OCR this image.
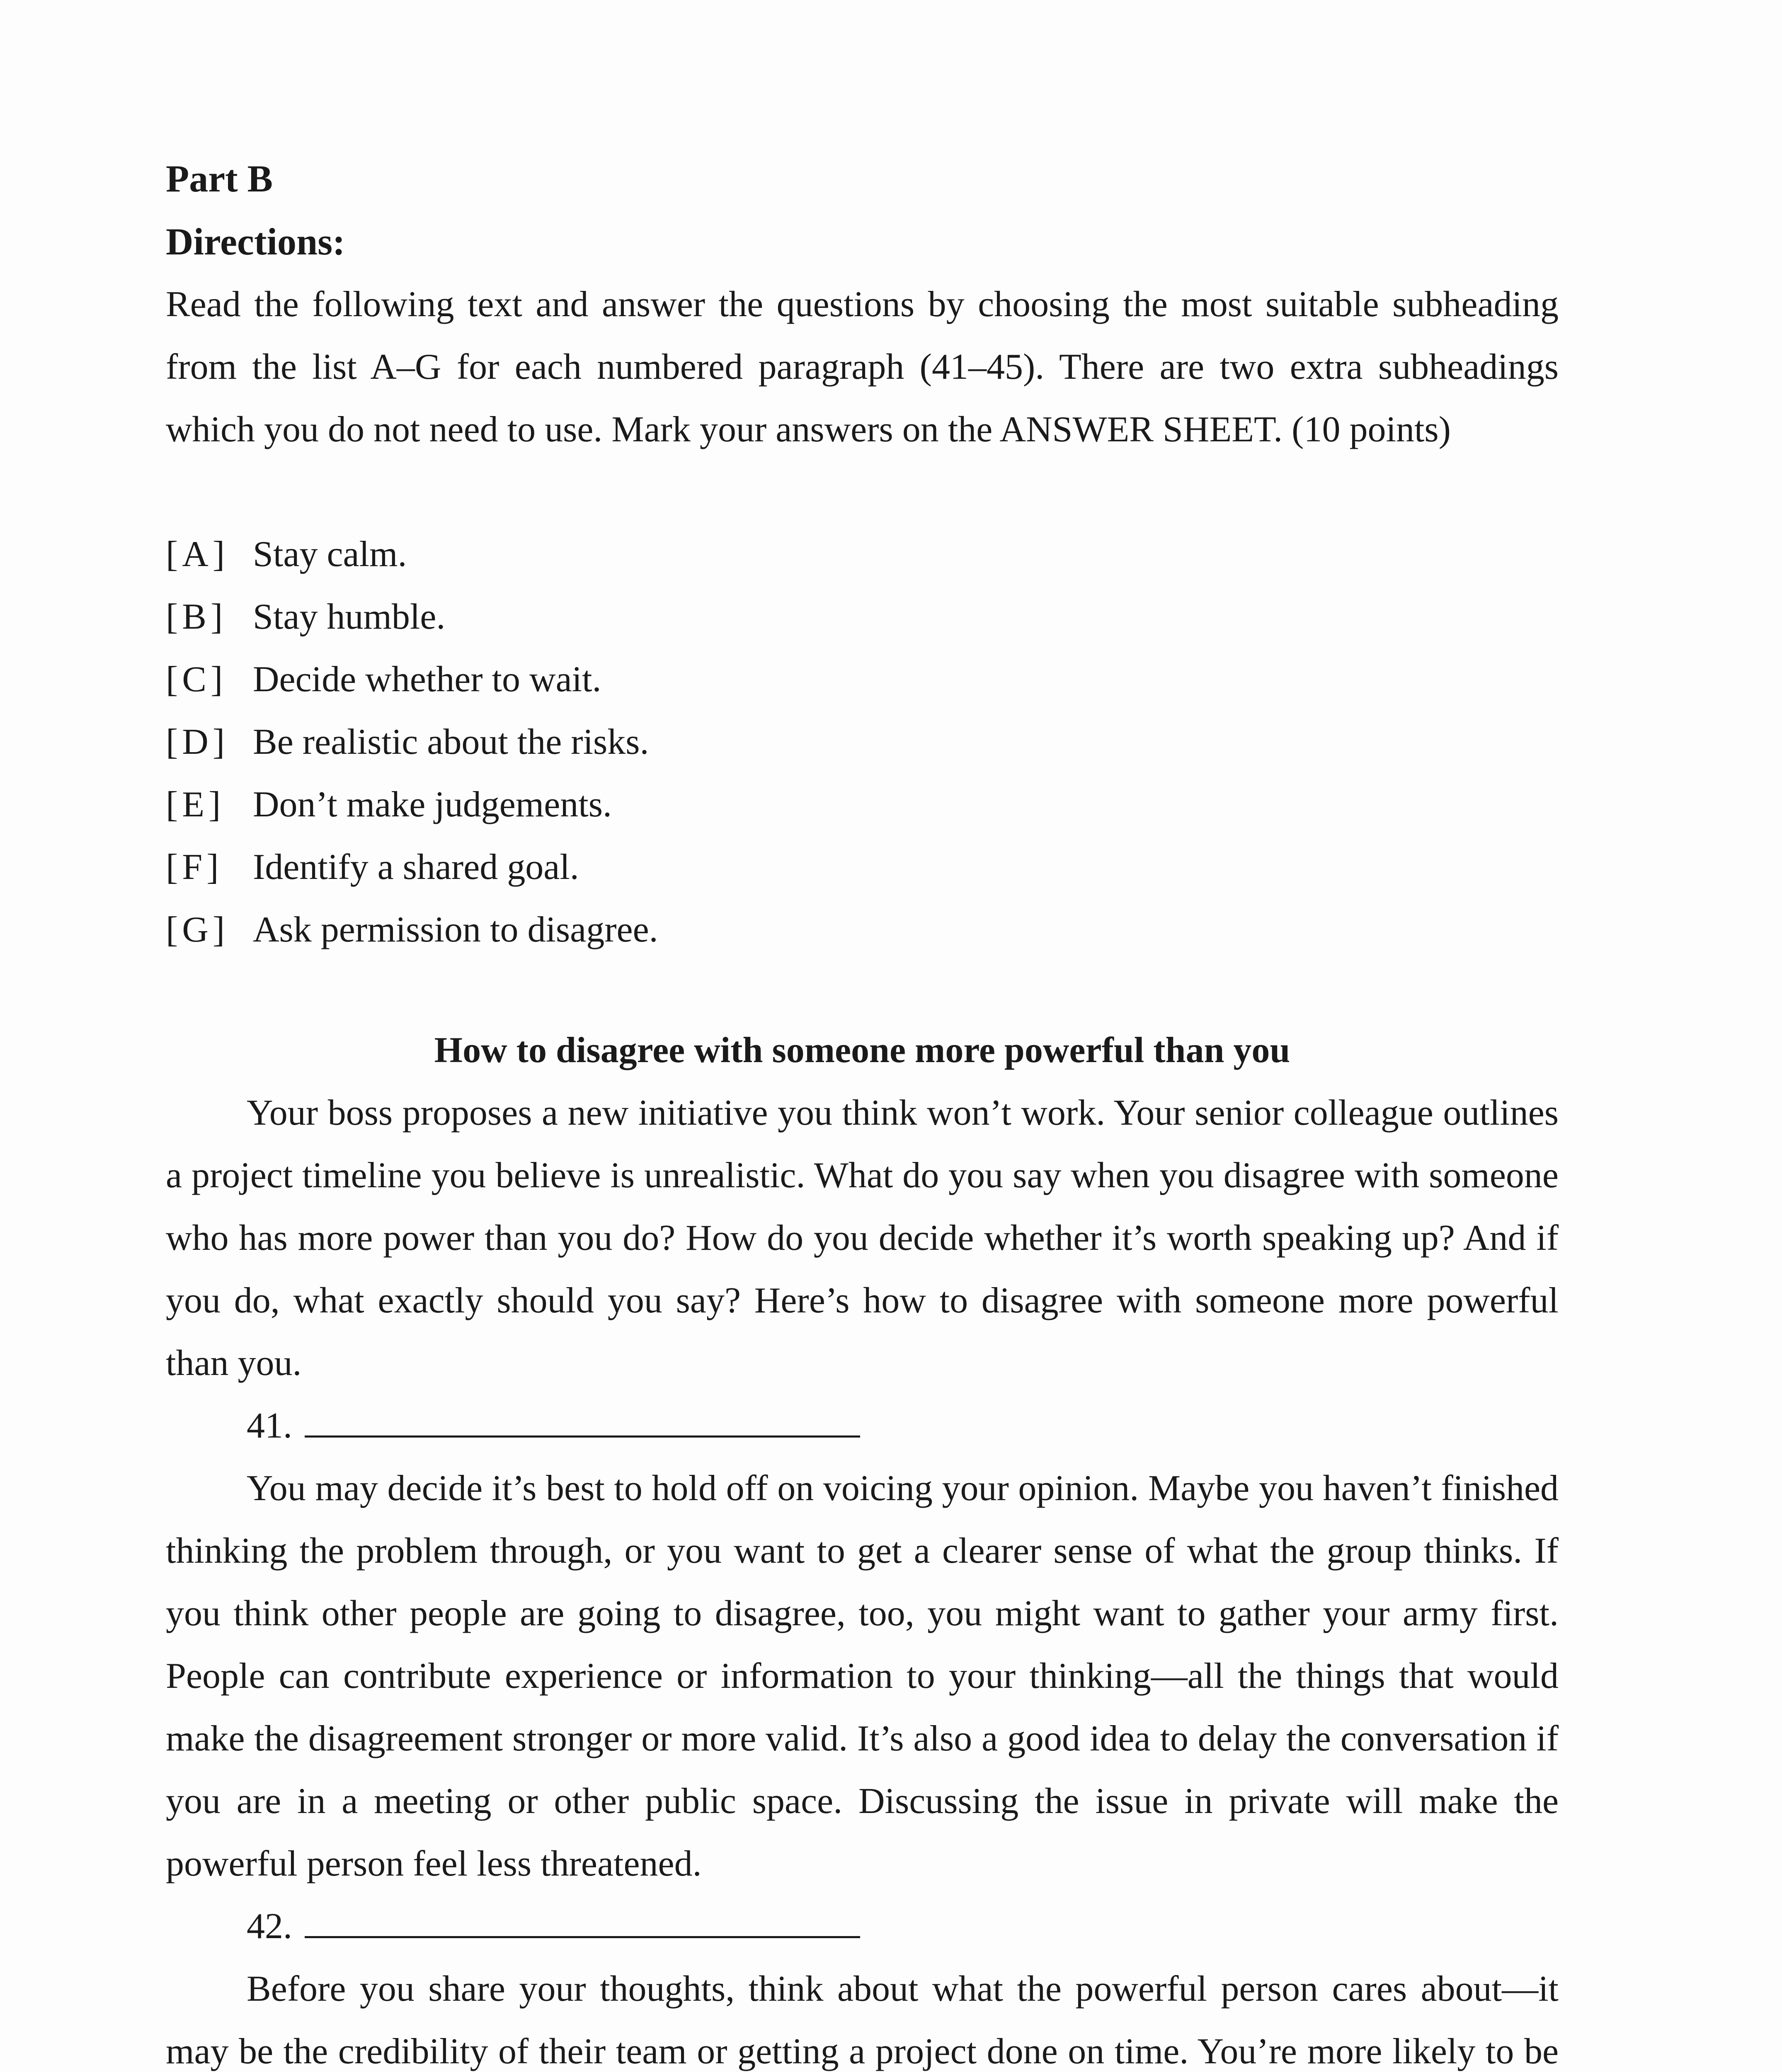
Part B

Directions:

Read the following text and answer the questions by choosing the most suitable subheading from the list A–G for each numbered paragraph (41–45). There are two extra subheadings which you do not need to use. Mark your answers on the ANSWER SHEET. (10 points)

[A] Stay calm.
[B] Stay humble.
[C] Decide whether to wait.
[D] Be realistic about the risks.
[E] Don’t make judgements.
[F] Identify a shared goal.
[G] Ask permission to disagree.
How to disagree with someone more powerful than you

Your boss proposes a new initiative you think won’t work. Your senior colleague outlines a project timeline you believe is unrealistic. What do you say when you disagree with someone who has more power than you do? How do you decide whether it’s worth speaking up? And if you do, what exactly should you say? Here’s how to disagree with someone more powerful than you.

41.

You may decide it’s best to hold off on voicing your opinion. Maybe you haven’t finished thinking the problem through, or you want to get a clearer sense of what the group thinks. If you think other people are going to disagree, too, you might want to gather your army first. People can contribute experience or information to your thinking—all the things that would make the disagreement stronger or more valid. It’s also a good idea to delay the conversation if you are in a meeting or other public space. Discussing the issue in private will make the powerful person feel less threatened.

42.

Before you share your thoughts, think about what the powerful person cares about—it may be the credibility of their team or getting a project done on time. You’re more likely to be
